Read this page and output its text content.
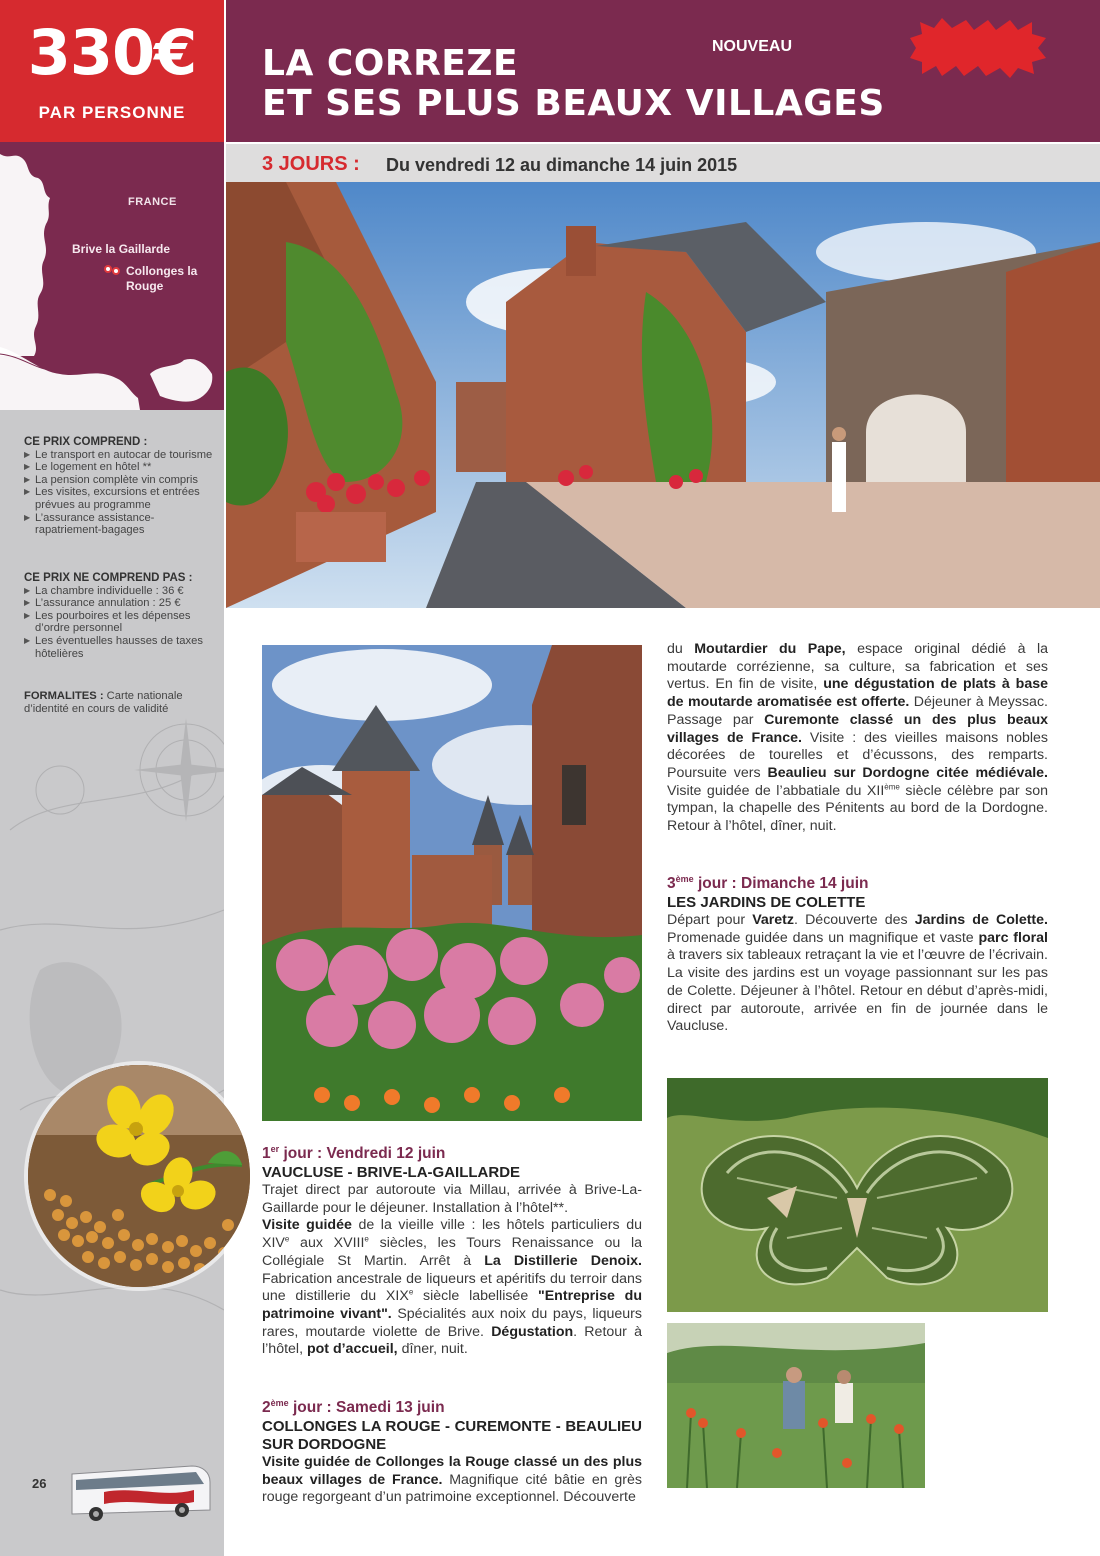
330€
PAR PERSONNE
FRANCE
Brive la Gaillarde
Collonges la Rouge
CE PRIX COMPREND :
▶ Le transport en autocar de tourisme
▶ Le logement en hôtel **
▶ La pension complète vin compris
▶ Les visites, excursions et entrées prévues au programme
▶ L’assurance assistance-rapatriement-bagages
CE PRIX NE COMPREND PAS :
▶ La chambre individuelle : 36 €
▶ L’assurance annulation : 25 €
▶ Les pourboires et les dépenses d’ordre personnel
▶ Les éventuelles hausses de taxes hôtelières
FORMALITES : Carte nationale d’identité en cours de validité
26
LA CORREZE
ET SES PLUS BEAUX VILLAGES
NOUVEAU
3 JOURS : Du vendredi 12 au dimanche 14 juin 2015
1er jour : Vendredi 12 juin
VAUCLUSE - BRIVE-LA-GAILLARDE
Trajet direct par autoroute via Millau, arrivée à Brive-La-Gaillarde pour le déjeuner. Installation à l’hôtel**.
Visite guidée de la vieille ville : les hôtels particuliers du XIVe aux XVIIIe siècles, les Tours Renaissance ou la Collégiale St Martin. Arrêt à La Distillerie Denoix. Fabrication ancestrale de liqueurs et apéritifs du terroir dans une distillerie du XIXe siècle labellisée "Entreprise du patrimoine vivant". Spécialités aux noix du pays, liqueurs rares, moutarde violette de Brive. Dégustation. Retour à l’hôtel, pot d’accueil, dîner, nuit.
2ème jour : Samedi 13 juin
COLLONGES LA ROUGE - CUREMONTE - BEAULIEU SUR DORDOGNE
Visite guidée de Collonges la Rouge classé un des plus beaux villages de France. Magnifique cité bâtie en grès rouge regorgeant d’un patrimoine exceptionnel. Découverte
du Moutardier du Pape, espace original dédié à la moutarde corrézienne, sa culture, sa fabrication et ses vertus. En fin de visite, une dégustation de plats à base de moutarde aromatisée est offerte. Déjeuner à Meyssac. Passage par Curemonte classé un des plus beaux villages de France. Visite : des vieilles maisons nobles décorées de tourelles et d’écussons, des remparts. Poursuite vers Beaulieu sur Dordogne citée médiévale. Visite guidée de l’abbatiale du XIIème siècle célèbre par son tympan, la chapelle des Pénitents au bord de la Dordogne. Retour à l’hôtel, dîner, nuit.
3ème jour : Dimanche 14 juin
LES JARDINS DE COLETTE
Départ pour Varetz. Découverte des Jardins de Colette. Promenade guidée dans un magnifique et vaste parc floral à travers six tableaux retraçant la vie et l’œuvre de l’écrivain. La visite des jardins est un voyage passionnant sur les pas de Colette. Déjeuner à l’hôtel. Retour en début d’après-midi, direct par autoroute, arrivée en fin de journée dans le Vaucluse.
